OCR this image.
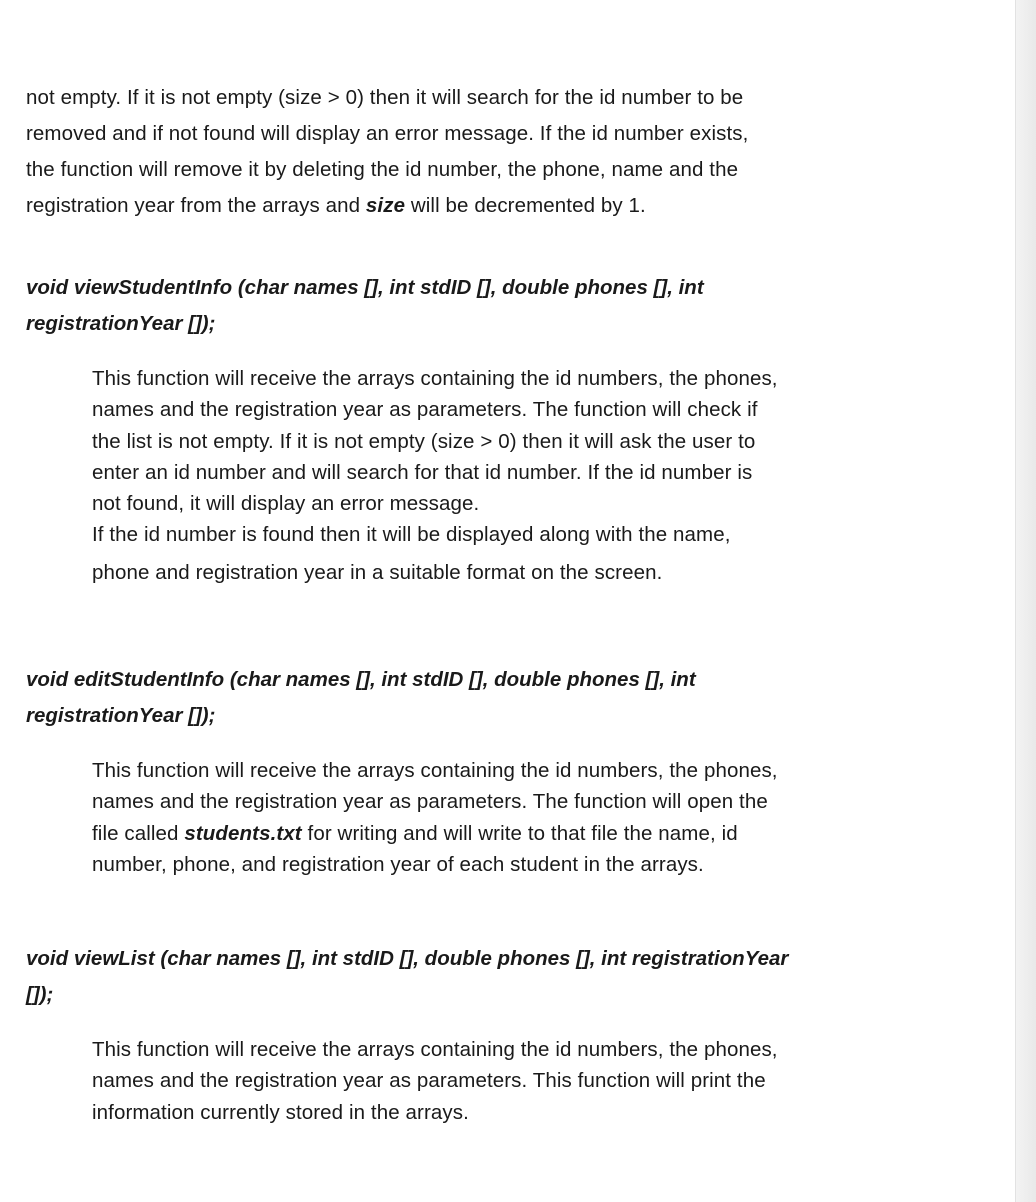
not empty. If it is not empty (size > 0) then it will search for the id number to be
removed and if not found will display an error message. If the id number exists,
the function will remove it by deleting the id number, the phone, name and the
registration year from the arrays and size will be decremented by 1.

void viewStudentInfo (char names [], int stdID [], double phones [], int
registrationYear []);

This function will receive the arrays containing the id numbers, the phones,
names and the registration year as parameters. The function will check if
the list is not empty. If it is not empty (size > 0) then it will ask the user to
enter an id number and will search for that id number. If the id number is
not found, it will display an error message.
If the id number is found then it will be displayed along with the name,
phone and registration year in a suitable format on the screen.

void editStudentInfo (char names [], int stdID [], double phones [], int
registrationYear []);

This function will receive the arrays containing the id numbers, the phones,
names and the registration year as parameters. The function will open the
file called students.txt for writing and will write to that file the name, id
number, phone, and registration year of each student in the arrays.

void viewList (char names [], int stdID [], double phones [], int registrationYear
[]);

This function will receive the arrays containing the id numbers, the phones,
names and the registration year as parameters. This function will print the
information currently stored in the arrays.
